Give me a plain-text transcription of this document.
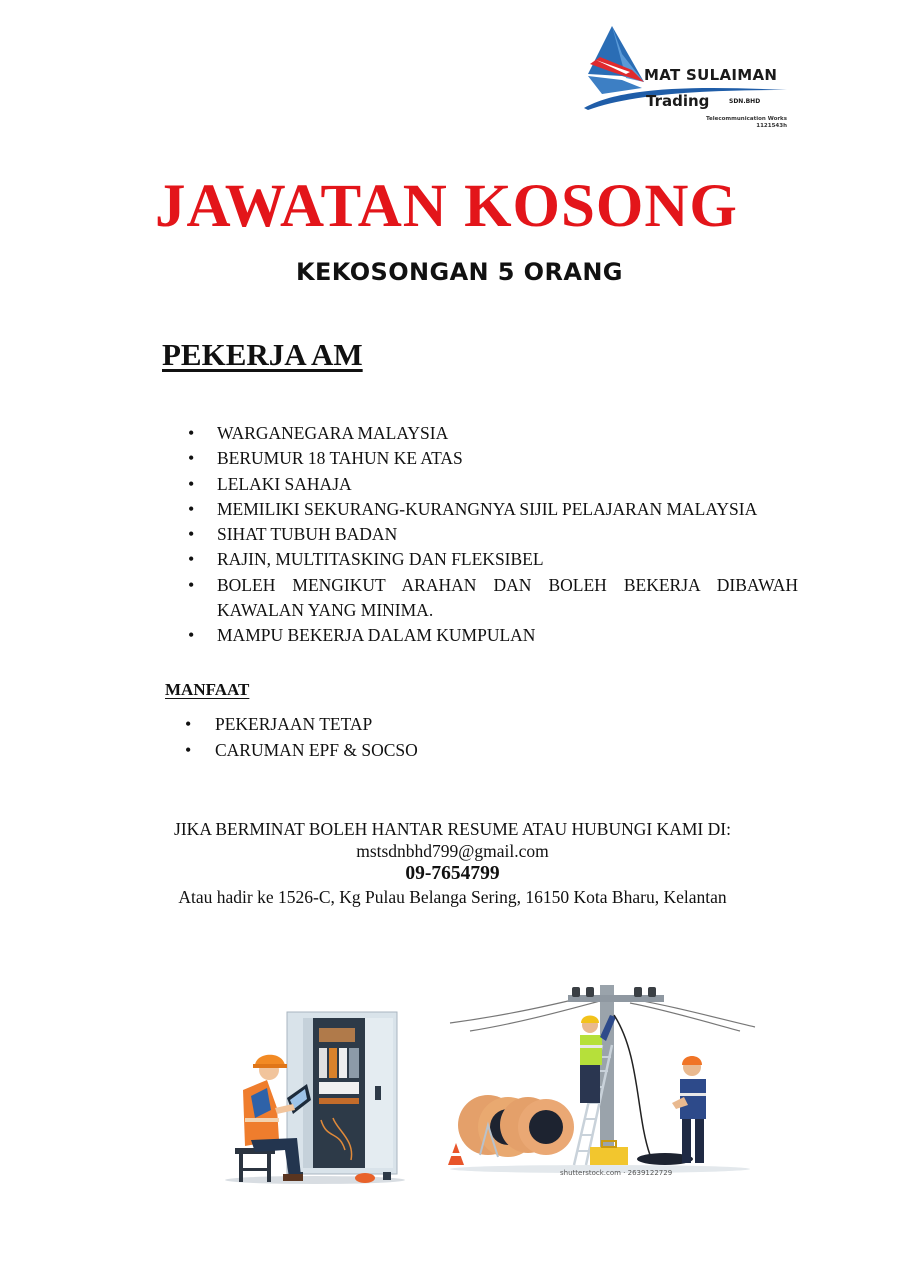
MAT SULAIMAN
Trading	SDN.BHD
Telecommunication Works
1121543h
JAWATAN KOSONG
KEKOSONGAN 5 ORANG
PEKERJA AM
• WARGANEGARA MALAYSIA
• BERUMUR 18 TAHUN KE ATAS
• LELAKI SAHAJA
• MEMILIKI SEKURANG-KURANGNYA SIJIL PELAJARAN MALAYSIA
• SIHAT TUBUH BADAN
• RAJIN, MULTITASKING DAN FLEKSIBEL
• BOLEH MENGIKUT ARAHAN DAN BOLEH BEKERJA DIBAWAH KAWALAN YANG MINIMA.
• MAMPU BEKERJA DALAM KUMPULAN
MANFAAT
• PEKERJAAN TETAP
• CARUMAN EPF & SOCSO
JIKA BERMINAT BOLEH HANTAR RESUME ATAU HUBUNGI KAMI DI:
mstsdnbhd799@gmail.com
09-7654799
Atau hadir ke 1526-C, Kg Pulau Belanga Sering, 16150 Kota Bharu, Kelantan
shutterstock.com · 2639122729
